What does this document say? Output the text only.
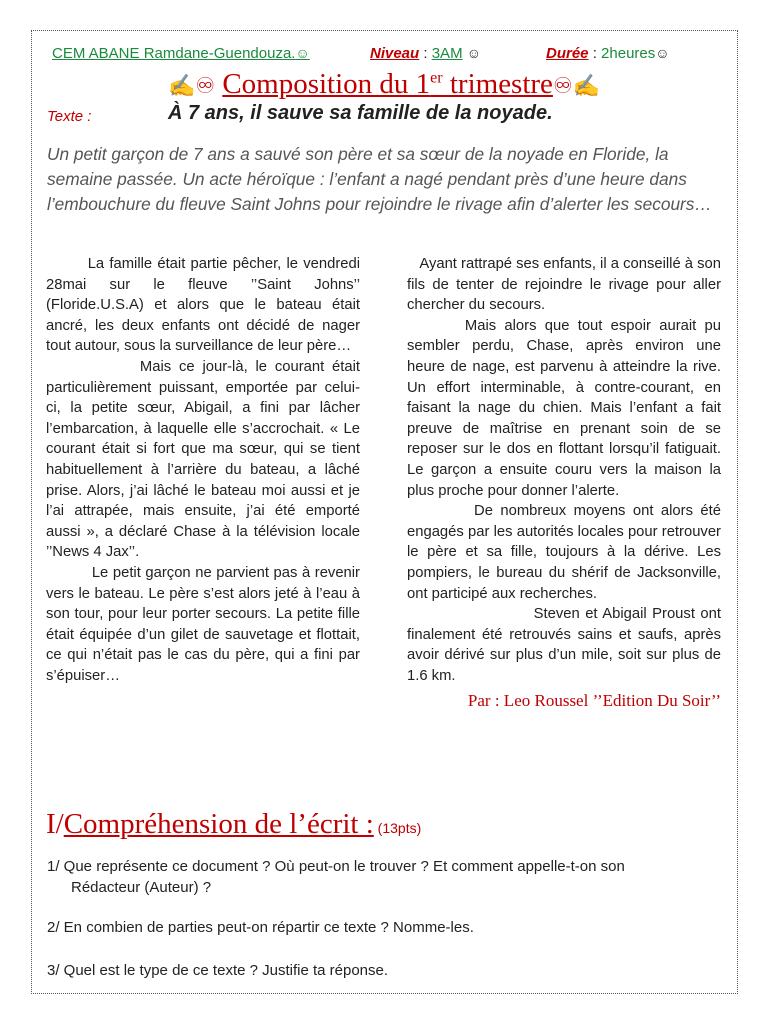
CEM ABANE Ramdane-Guendouza.☺	Niveau : 3AM ☺	Durée : 2heures☺
✍♾ Composition du 1er trimestre♾✍
Texte :	À 7 ans, il sauve sa famille de la noyade.

Un petit garçon de 7 ans a sauvé son père et sa sœur de la noyade en Floride, la semaine passée. Un acte héroïque : l’enfant a nagé pendant près d’une heure dans l’embouchure du fleuve Saint Johns pour rejoindre le rivage afin d’alerter les secours…

La famille était partie pêcher, le vendredi 28mai sur le fleuve ’’Saint Johns’’ (Floride.U.S.A) et alors que le bateau était ancré, les deux enfants ont décidé de nager tout autour, sous la surveillance de leur père…

Mais ce jour-là, le courant était particulièrement puissant, emportée par celui-ci, la petite sœur, Abigail, a fini par lâcher l’embarcation, à laquelle elle s’accrochait. « Le courant était si fort que ma sœur, qui se tient habituellement à l’arrière du bateau, a lâché prise. Alors, j’ai lâché le bateau moi aussi et je l’ai attrapée, mais ensuite, j’ai été emporté aussi », a déclaré Chase à la télévision locale ’’News 4 Jax’’.

Le petit garçon ne parvient pas à revenir vers le bateau. Le père s’est alors jeté à l’eau à son tour, pour leur porter secours. La petite fille était équipée d’un gilet de sauvetage et flottait, ce qui n’était pas le cas du père, qui a fini par s’épuiser…

Ayant rattrapé ses enfants, il a conseillé à son fils de tenter de rejoindre le rivage pour aller chercher du secours.

Mais alors que tout espoir aurait pu sembler perdu, Chase, après environ une heure de nage, est parvenu à atteindre la rive. Un effort interminable, à contre-courant, en faisant la nage du chien. Mais l’enfant a fait preuve de maîtrise en prenant soin de se reposer sur le dos en flottant lorsqu’il fatiguait. Le garçon a ensuite couru vers la maison la plus proche pour donner l’alerte.

De nombreux moyens ont alors été engagés par les autorités locales pour retrouver le père et sa fille, toujours à la dérive. Les pompiers, le bureau du shérif de Jacksonville, ont participé aux recherches.

Steven et Abigail Proust ont finalement été retrouvés sains et saufs, après avoir dérivé sur plus d’un mile, soit sur plus de 1.6 km.

Par : Leo Roussel ’’Edition Du Soir’’

I/Compréhension de l’écrit : (13pts)
1/ Que représente ce document ? Où peut-on le trouver ? Et comment appelle-t-on son
Rédacteur (Auteur) ?
2/ En combien de parties peut-on répartir ce texte ? Nomme-les.
3/ Quel est le type de ce texte ? Justifie ta réponse.
